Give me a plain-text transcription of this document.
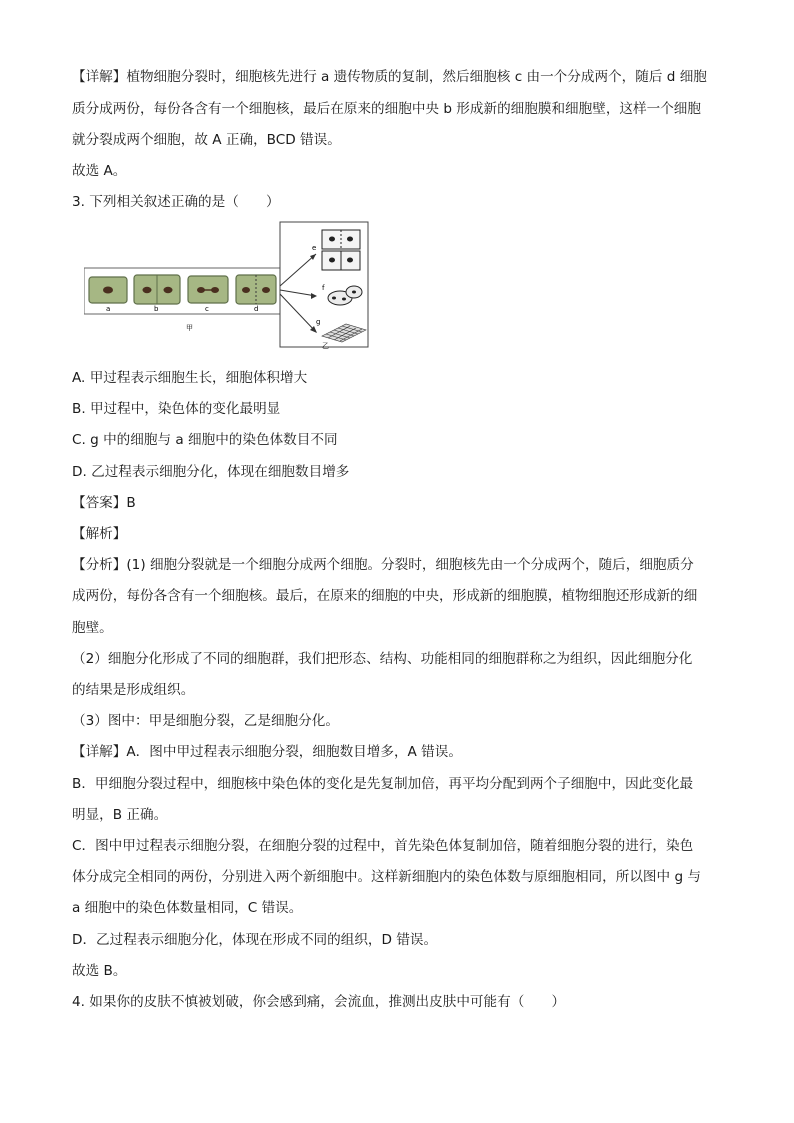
【详解】植物细胞分裂时，细胞核先进行 a 遗传物质的复制，然后细胞核 c 由一个分成两个，随后 d 细胞
质分成两份，每份各含有一个细胞核，最后在原来的细胞中央 b 形成新的细胞膜和细胞壁，这样一个细胞
就分裂成两个细胞，故 A 正确，BCD 错误。
故选 A。
3. 下列相关叙述正确的是（　　）
a	b	c	d
甲
e
f
g
乙
A. 甲过程表示细胞生长，细胞体积增大
B. 甲过程中，染色体的变化最明显
C. g 中的细胞与 a 细胞中的染色体数目不同
D. 乙过程表示细胞分化，体现在细胞数目增多
【答案】B
【解析】
【分析】(1) 细胞分裂就是一个细胞分成两个细胞。分裂时，细胞核先由一个分成两个，随后，细胞质分
成两份，每份各含有一个细胞核。最后，在原来的细胞的中央，形成新的细胞膜，植物细胞还形成新的细
胞壁。
（2）细胞分化形成了不同的细胞群，我们把形态、结构、功能相同的细胞群称之为组织，因此细胞分化
的结果是形成组织。
（3）图中：甲是细胞分裂，乙是细胞分化。
【详解】A．图中甲过程表示细胞分裂，细胞数目增多，A 错误。
B．甲细胞分裂过程中，细胞核中染色体的变化是先复制加倍，再平均分配到两个子细胞中，因此变化最
明显，B 正确。
C．图中甲过程表示细胞分裂，在细胞分裂的过程中，首先染色体复制加倍，随着细胞分裂的进行，染色
体分成完全相同的两份，分别进入两个新细胞中。这样新细胞内的染色体数与原细胞相同，所以图中 g 与
a 细胞中的染色体数量相同，C 错误。
D．乙过程表示细胞分化，体现在形成不同的组织，D 错误。
故选 B。
4. 如果你的皮肤不慎被划破，你会感到痛，会流血，推测出皮肤中可能有（　　）
